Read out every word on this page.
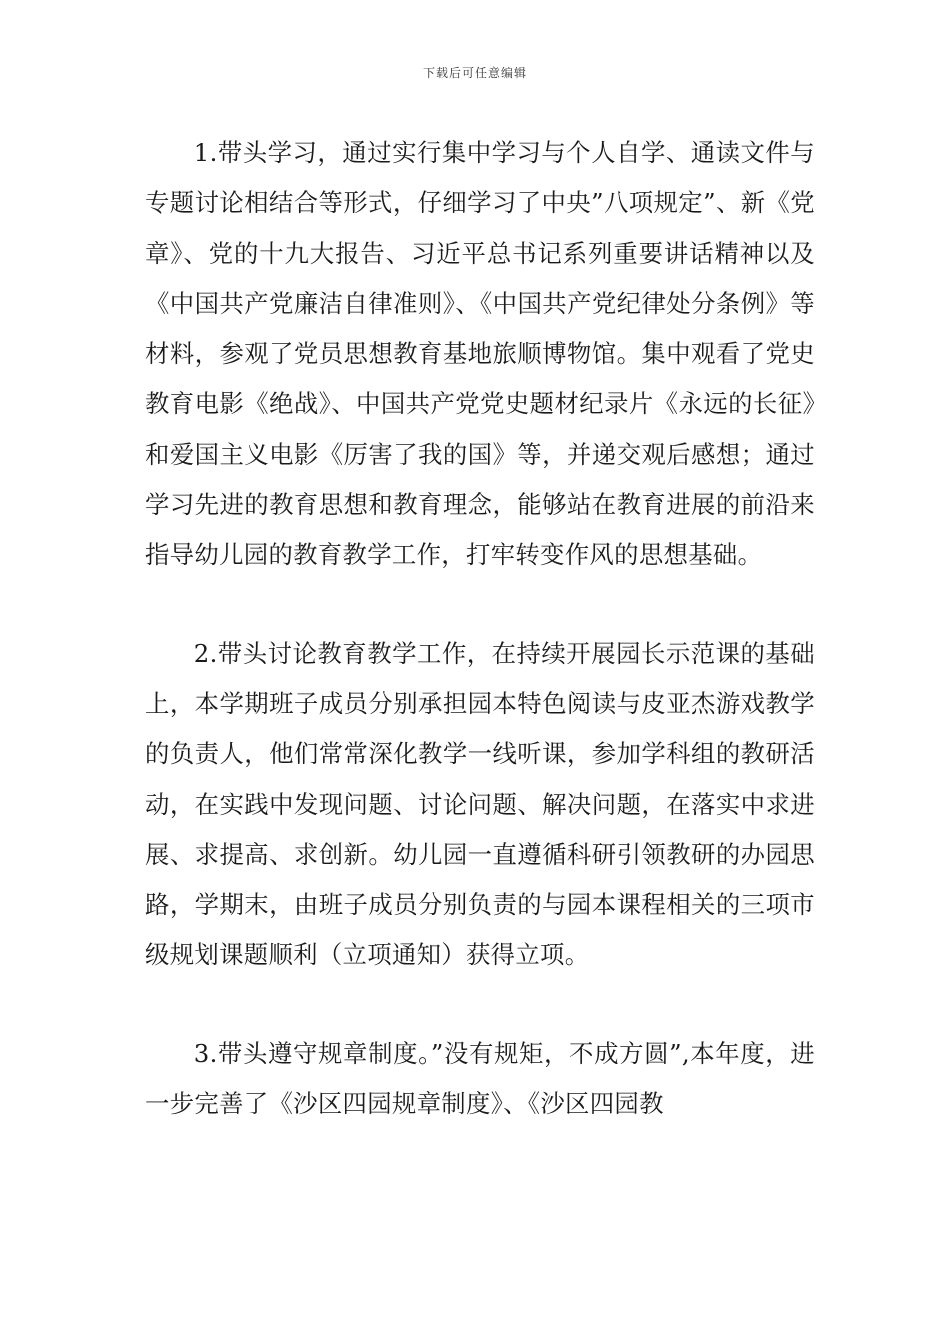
下载后可任意编辑

1.带头学习，通过实行集中学习与个人自学、通读文件与专题讨论相结合等形式，仔细学习了中央”八项规定”、新《党章》、党的十九大报告、习近平总书记系列重要讲话精神以及《中国共产党廉洁自律准则》、《中国共产党纪律处分条例》等材料，参观了党员思想教育基地旅顺博物馆。集中观看了党史教育电影《绝战》、中国共产党党史题材纪录片《永远的长征》和爱国主义电影《厉害了我的国》等，并递交观后感想；通过学习先进的教育思想和教育理念，能够站在教育进展的前沿来指导幼儿园的教育教学工作，打牢转变作风的思想基础。

2.带头讨论教育教学工作，在持续开展园长示范课的基础上，本学期班子成员分别承担园本特色阅读与皮亚杰游戏教学的负责人，他们常常深化教学一线听课，参加学科组的教研活动，在实践中发现问题、讨论问题、解决问题，在落实中求进展、求提高、求创新。幼儿园一直遵循科研引领教研的办园思路，学期末，由班子成员分别负责的与园本课程相关的三项市级规划课题顺利（立项通知）获得立项。

3.带头遵守规章制度。”没有规矩，不成方圆”,本年度，进一步完善了《沙区四园规章制度》、《沙区四园教
